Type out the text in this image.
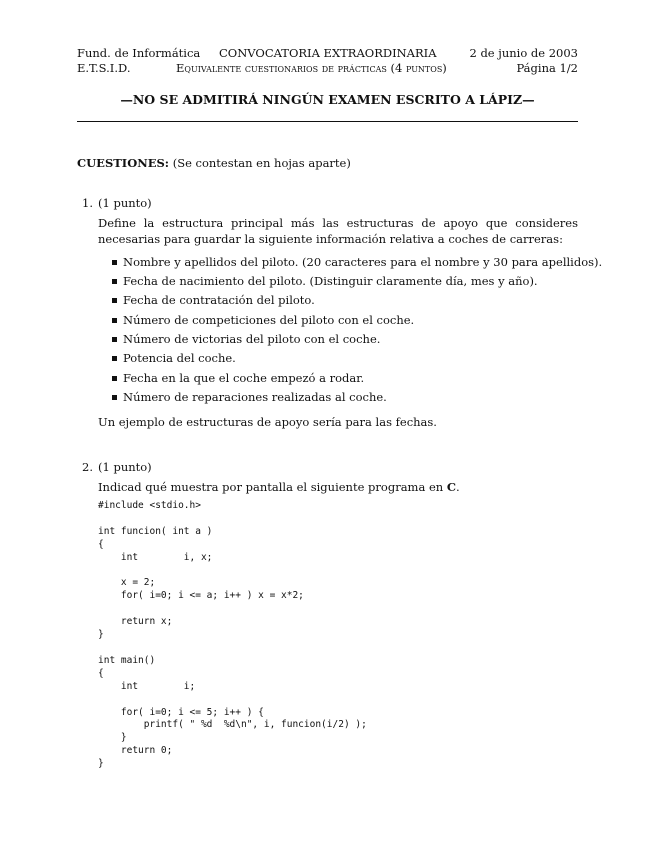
Fund. de Informática CONVOCATORIA EXTRAORDINARIA	2 de junio de 2003
E.T.S.I.D.	Equivalente cuestionarios de prácticas (4 puntos)	Página 1/2
—NO SE ADMITIRÁ NINGÚN EXAMEN ESCRITO A LÁPIZ—
CUESTIONES: (Se contestan en hojas aparte)
1. (1 punto)
Define la estructura principal más las estructuras de apoyo que consideres necesarias para guardar la siguiente información relativa a coches de carreras:
Nombre y apellidos del piloto. (20 caracteres para el nombre y 30 para apellidos).
Fecha de nacimiento del piloto. (Distinguir claramente día, mes y año).
Fecha de contratación del piloto.
Número de competiciones del piloto con el coche.
Número de victorias del piloto con el coche.
Potencia del coche.
Fecha en la que el coche empezó a rodar.
Número de reparaciones realizadas al coche.
Un ejemplo de estructuras de apoyo sería para las fechas.
2. (1 punto)
Indicad qué muestra por pantalla el siguiente programa en C.
#include <stdio.h>

int funcion( int a )
{
int        i, x;

x = 2;
for( i=0; i <= a; i++ ) x = x*2;

return x;
}

int main()
{
int        i;

for( i=0; i <= 5; i++ ) {
printf( " %d  %d\n", i, funcion(i/2) );
}
return 0;
}
